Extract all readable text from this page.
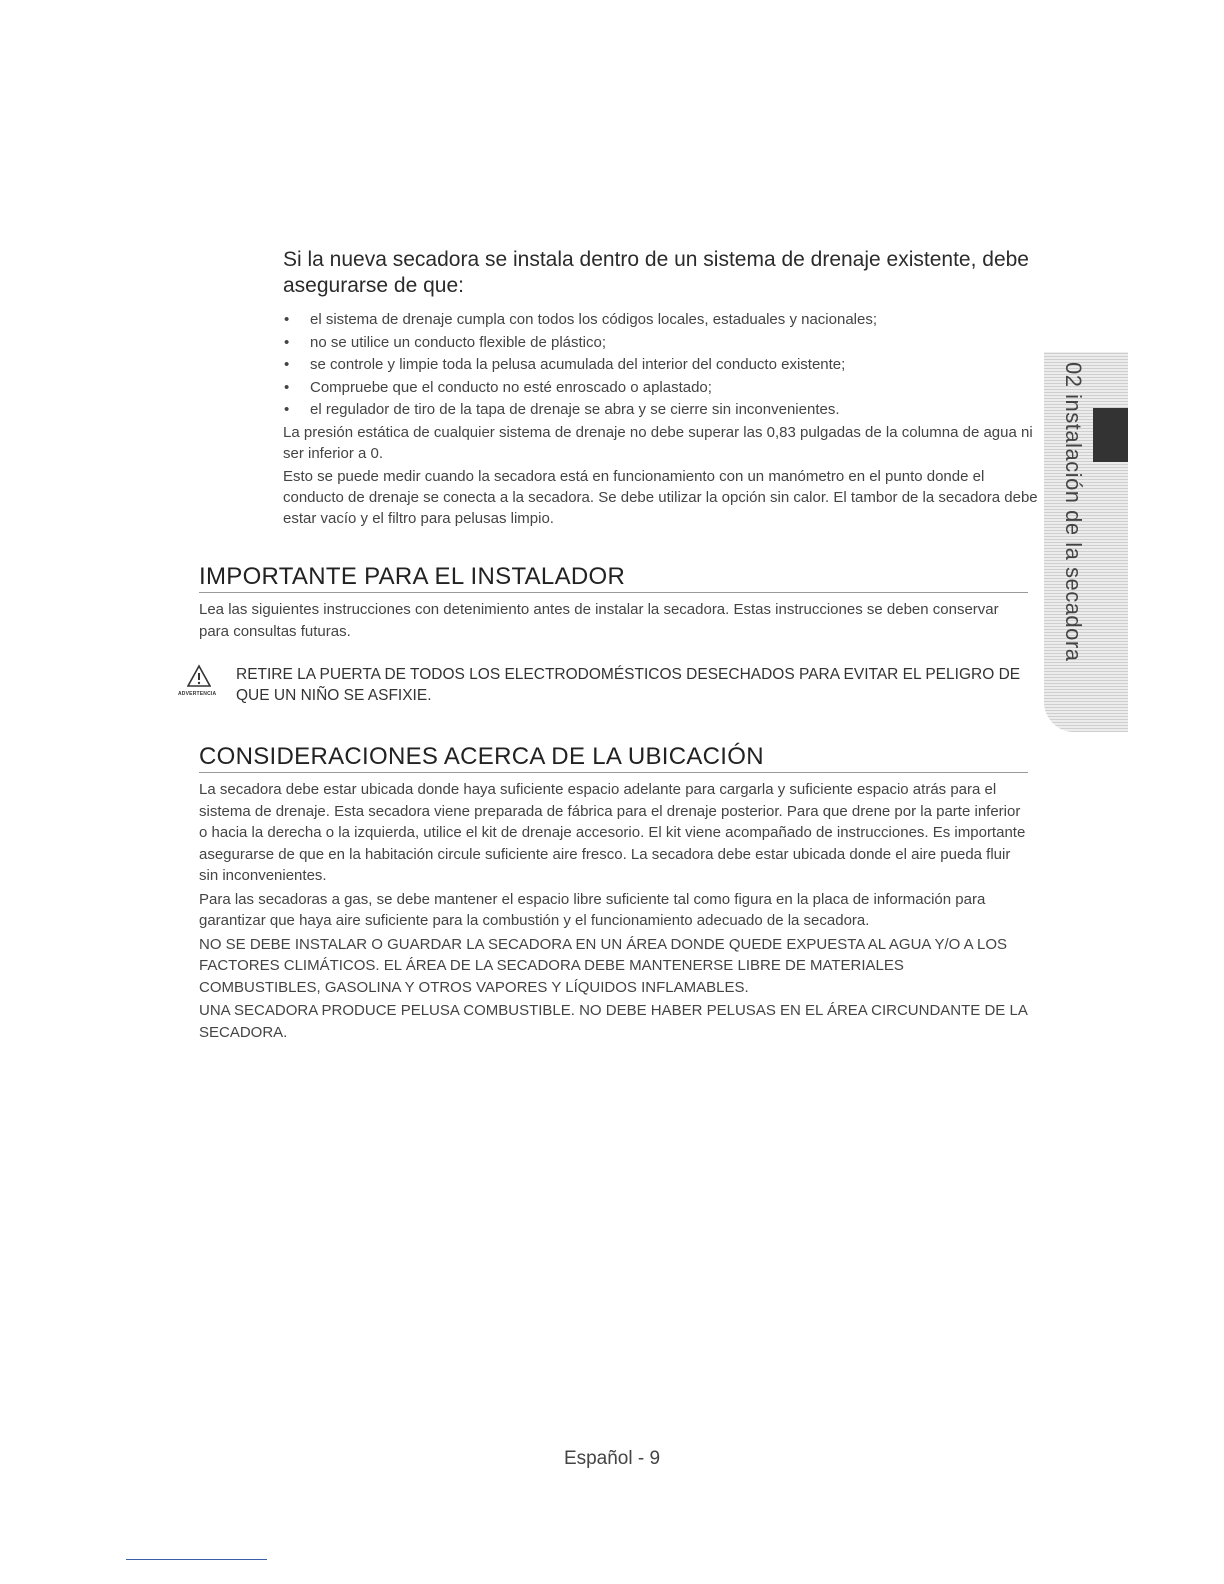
Si la nueva secadora se instala dentro de un sistema de drenaje existente, debe asegurarse de que:
• el sistema de drenaje cumpla con todos los códigos locales, estaduales y nacionales;
• no se utilice un conducto flexible de plástico;
• se controle y limpie toda la pelusa acumulada del interior del conducto existente;
• Compruebe que el conducto no esté enroscado o aplastado;
• el regulador de tiro de la tapa de drenaje se abra y se cierre sin inconvenientes.

La presión estática de cualquier sistema de drenaje no debe superar las 0,83 pulgadas de la columna de agua ni ser inferior a 0.

Esto se puede medir cuando la secadora está en funcionamiento con un manómetro en el punto donde el conducto de drenaje se conecta a la secadora. Se debe utilizar la opción sin calor. El tambor de la secadora debe estar vacío y el filtro para pelusas limpio.

IMPORTANTE PARA EL INSTALADOR

Lea las siguientes instrucciones con detenimiento antes de instalar la secadora. Estas instrucciones se deben conservar para consultas futuras.

ADVERTENCIA
RETIRE LA PUERTA DE TODOS LOS ELECTRODOMÉSTICOS DESECHADOS PARA EVITAR EL PELIGRO DE QUE UN NIÑO SE ASFIXIE.
CONSIDERACIONES ACERCA DE LA UBICACIÓN

La secadora debe estar ubicada donde haya suficiente espacio adelante para cargarla y suficiente espacio atrás para el sistema de drenaje. Esta secadora viene preparada de fábrica para el drenaje posterior. Para que drene por la parte inferior o hacia la derecha o la izquierda, utilice el kit de drenaje accesorio. El kit viene acompañado de instrucciones. Es importante asegurarse de que en la habitación circule suficiente aire fresco. La secadora debe estar ubicada donde el aire pueda fluir sin inconvenientes.

Para las secadoras a gas, se debe mantener el espacio libre suficiente tal como figura en la placa de información para garantizar que haya aire suficiente para la combustión y el funcionamiento adecuado de la secadora.

NO SE DEBE INSTALAR O GUARDAR LA SECADORA EN UN ÁREA DONDE QUEDE EXPUESTA AL AGUA Y/O A LOS FACTORES CLIMÁTICOS. EL ÁREA DE LA SECADORA DEBE MANTENERSE LIBRE DE MATERIALES COMBUSTIBLES, GASOLINA Y OTROS VAPORES Y LÍQUIDOS INFLAMABLES.

UNA SECADORA PRODUCE PELUSA COMBUSTIBLE. NO DEBE HABER PELUSAS EN EL ÁREA CIRCUNDANTE DE LA SECADORA.

02 instalación de la secadora
Español - 9
